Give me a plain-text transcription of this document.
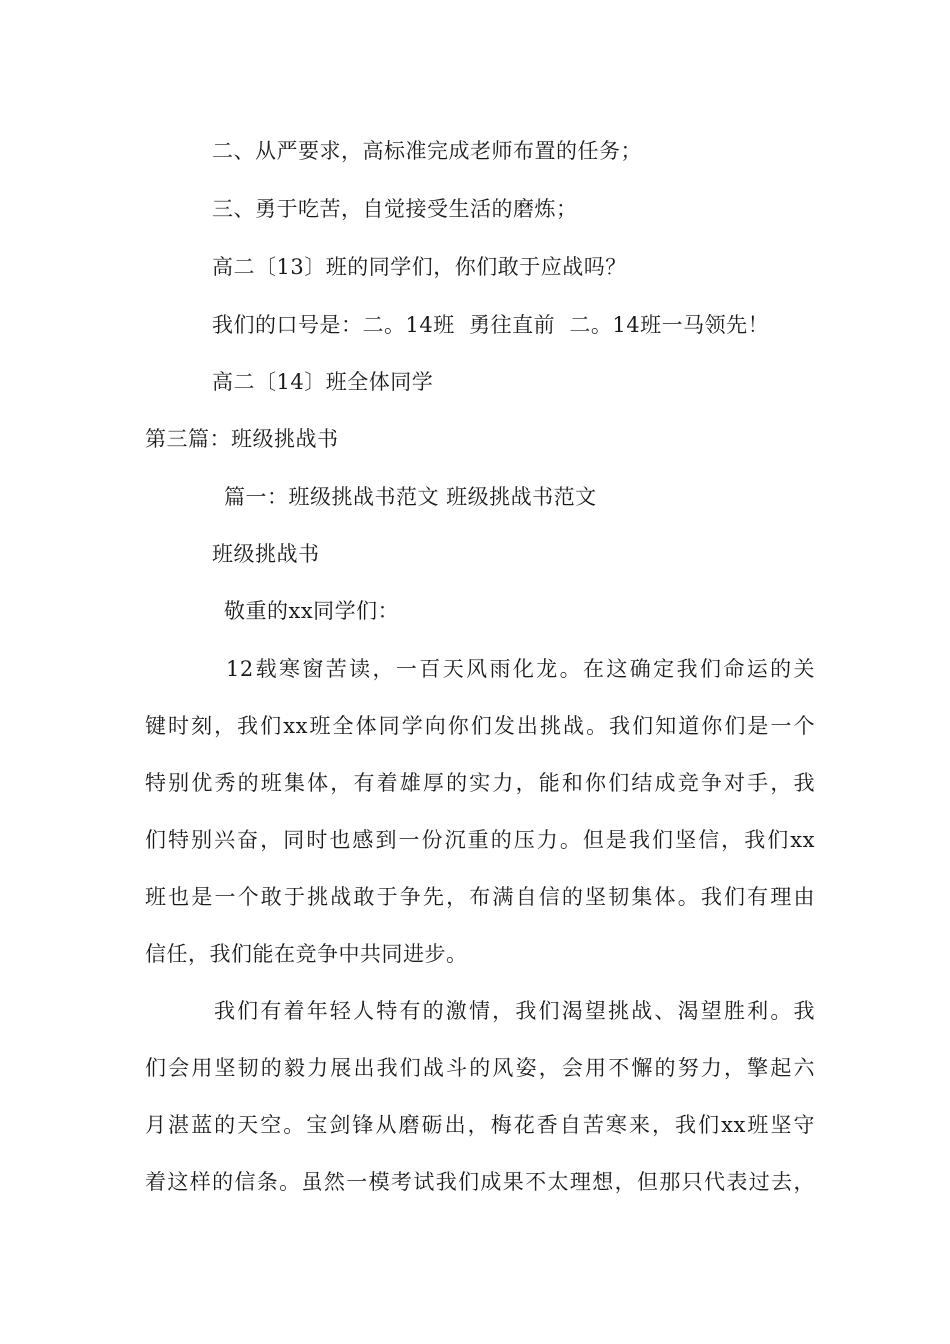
二、从严要求，高标准完成老师布置的任务；
三、勇于吃苦，自觉接受生活的磨炼；
高二〔13〕班的同学们，你们敢于应战吗？
我们的口号是：二。14班  勇往直前  二。14班一马领先！
高二〔14〕班全体同学
第三篇：班级挑战书
篇一：班级挑战书范文 班级挑战书范文
班级挑战书
敬重的xx同学们：
12载寒窗苦读，一百天风雨化龙。在这确定我们命运的关
键时刻，我们xx班全体同学向你们发出挑战。我们知道你们是一个
特别优秀的班集体，有着雄厚的实力，能和你们结成竞争对手，我
们特别兴奋，同时也感到一份沉重的压力。但是我们坚信，我们xx
班也是一个敢于挑战敢于争先，布满自信的坚韧集体。我们有理由
信任，我们能在竞争中共同进步。
我们有着年轻人特有的激情，我们渴望挑战、渴望胜利。我
们会用坚韧的毅力展出我们战斗的风姿，会用不懈的努力，擎起六
月湛蓝的天空。宝剑锋从磨砺出，梅花香自苦寒来，我们xx班坚守
着这样的信条。虽然一模考试我们成果不太理想，但那只代表过去，
